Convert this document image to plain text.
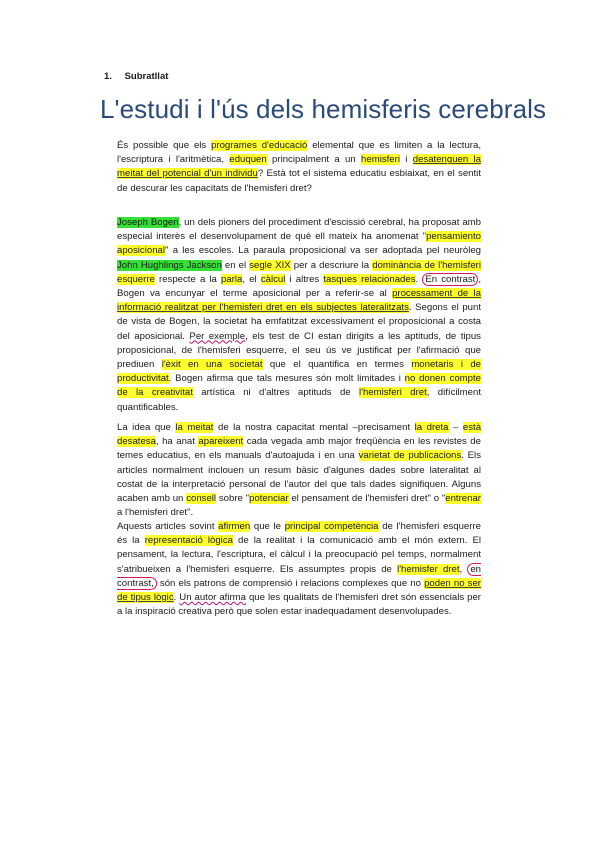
1. Subratllat
L'estudi i l'ús dels hemisferis cerebrals
És possible que els programes d'educació elemental que es limiten a la lectura, l'escriptura i l'aritmètica, eduquen principalment a un hemisferi i desatenguen la meitat del potencial d'un individu? Està tot el sistema educatiu esbiaixat, en el sentit de descurar les capacitats de l'hemisferi dret?
Joseph Bogen, un dels pioners del procediment d'escissió cerebral, ha proposat amb especial interès el desenvolupament de què ell mateix ha anomenat "pensamiento aposicional" a les escoles. La paraula proposicional va ser adoptada pel neuròleg John Hughlings Jackson en el segle XIX per a descriure la dominància de l'hemisferi esquerre respecte a la parla, el càlcul i altres tasques relacionades. En contrast , Bogen va encunyar el terme aposicional per a referir-se al processament de la informació realitzat per l'hemisferi dret en els subjectes lateralitzats. Segons el punt de vista de Bogen, la societat ha emfatitzat excessivament el proposicional a costa del aposicional. Per exemple, els test de CI estan dirigits a les aptituds, de tipus proposicional, de l'hemisferi esquerre, el seu ús ve justificat per l'afirmació que prediuen l'èxit en una societat que el quantifica en termes monetaris i de productivitat. Bogen afirma que tals mesures són molt limitades i no donen compte de la creativitat artística ni d'altres aptituds de l'hemisferi dret, difícilment quantificables.
La idea que la meitat de la nostra capacitat mental –precisament la dreta – està desatesa, ha anat apareixent cada vegada amb major freqüència en les revistes de temes educatius, en els manuals d'autoajuda i en una varietat de publicacions. Els articles normalment inclouen un resum bàsic d'algunes dades sobre lateralitat al costat de la interpretació personal de l'autor del que tals dades signifiquen. Alguns acaben amb un consell sobre "potenciar el pensament de l'hemisferi dret" o "entrenar a l'hemisferi dret".
Aquests articles sovint afirmen que le principal competència de l'hemisferi esquerre és la representació lògica de la realitat i la comunicació amb el món extern. El pensament, la lectura, l'escriptura, el càlcul i la preocupació pel temps, normalment s'atribueixen a l'hemisferi esquerre. Els assumptes propis de l'hemisfer dret, en contrast, són els patrons de comprensió i relacions complexes que no poden no ser de tipus lògic. Un autor afirma que les qualitats de l'hemisferi dret són essencials per a la inspiració creativa però que solen estar inadequadament desenvolupades.
